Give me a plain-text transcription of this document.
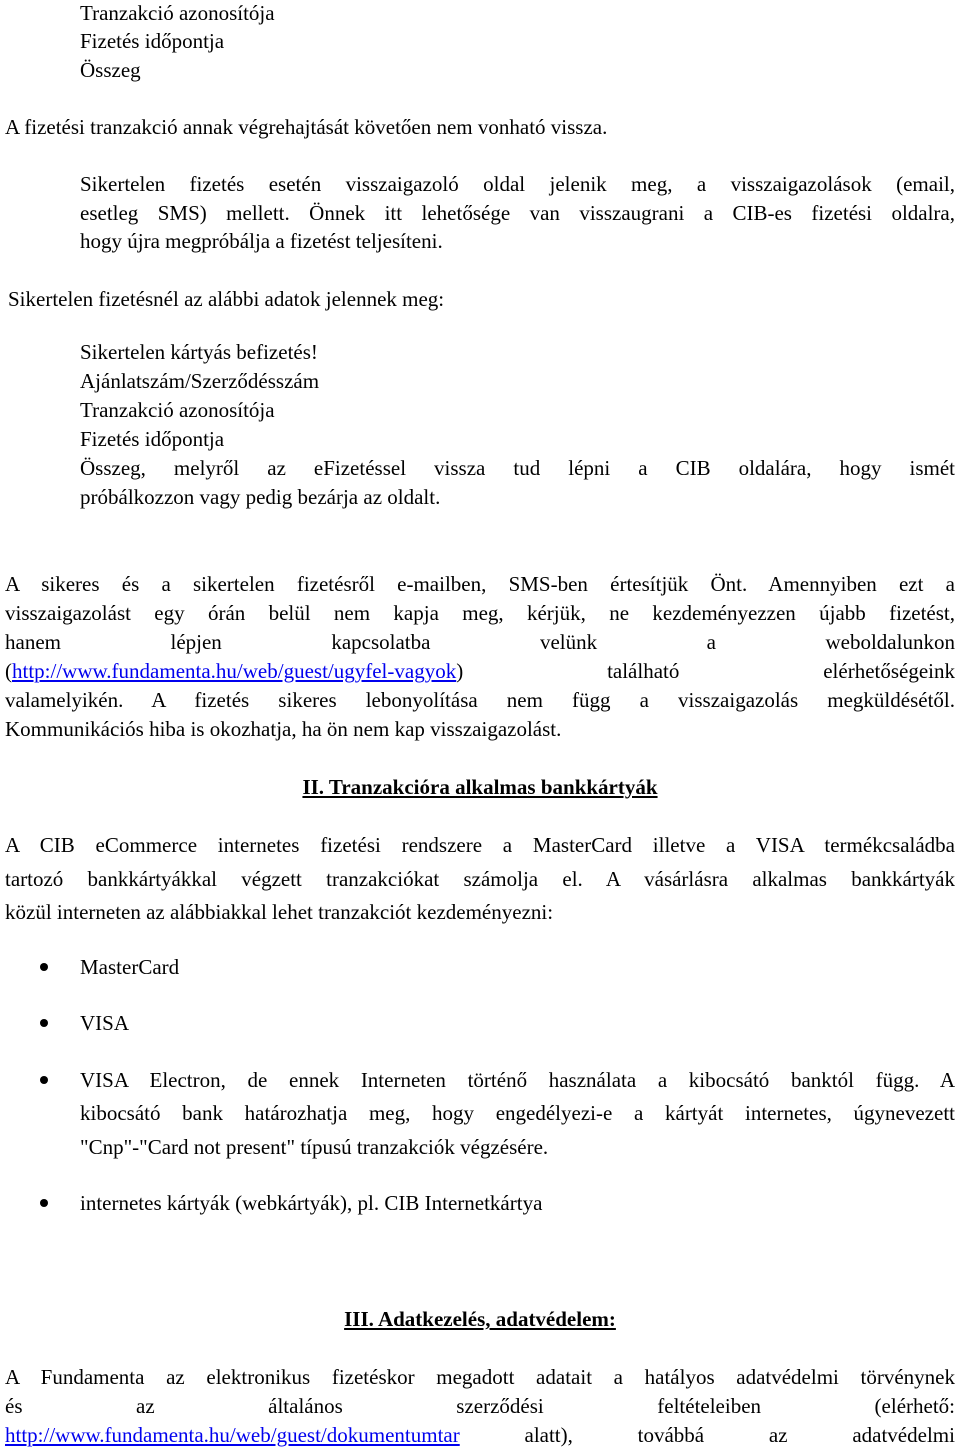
Tranzakció azonosítója
Fizetés időpontja
Összeg
A fizetési tranzakció annak végrehajtását követően nem vonható vissza.
Sikertelen fizetés esetén visszaigazoló oldal jelenik meg, a visszaigazolások (email,
esetleg SMS) mellett. Önnek itt lehetősége van visszaugrani a CIB-es fizetési oldalra,
hogy újra megpróbálja a fizetést teljesíteni.
Sikertelen fizetésnél az alábbi adatok jelennek meg:
Sikertelen kártyás befizetés!
Ajánlatszám/Szerződésszám
Tranzakció azonosítója
Fizetés időpontja
Összeg, melyről az eFizetéssel vissza tud lépni a CIB oldalára, hogy ismét
próbálkozzon vagy pedig bezárja az oldalt.
A sikeres és a sikertelen fizetésről e-mailben, SMS-ben értesítjük Önt. Amennyiben ezt a
visszaigazolást egy órán belül nem kapja meg, kérjük, ne kezdeményezzen újabb fizetést,
hanem	lépjen	kapcsolatba	velünk	a	weboldalunkon
(http://www.fundamenta.hu/web/guest/ugyfel-vagyok)	található	elérhetőségeink
valamelyikén. A fizetés sikeres lebonyolítása nem függ a visszaigazolás megküldésétől.
Kommunikációs hiba is okozhatja, ha ön nem kap visszaigazolást.
II. Tranzakcióra alkalmas bankkártyák
A CIB eCommerce internetes fizetési rendszere a MasterCard illetve a VISA termékcsaládba
tartozó bankkártyákkal végzett tranzakciókat számolja el. A vásárlásra alkalmas bankkártyák
közül interneten az alábbiakkal lehet tranzakciót kezdeményezni:
MasterCard
VISA
VISA Electron, de ennek Interneten történő használata a kibocsátó banktól függ. A
kibocsátó bank határozhatja meg, hogy engedélyezi-e a kártyát internetes, úgynevezett
"Cnp"-"Card not present" típusú tranzakciók végzésére.
internetes kártyák (webkártyák), pl. CIB Internetkártya
III. Adatkezelés, adatvédelem:
A Fundamenta az elektronikus fizetéskor megadott adatait a hatályos adatvédelmi törvénynek
és	az	általános	szerződési	feltételeiben	(elérhető:
http://www.fundamenta.hu/web/guest/dokumentumtar	alatt),	továbbá	az	adatvédelmi
